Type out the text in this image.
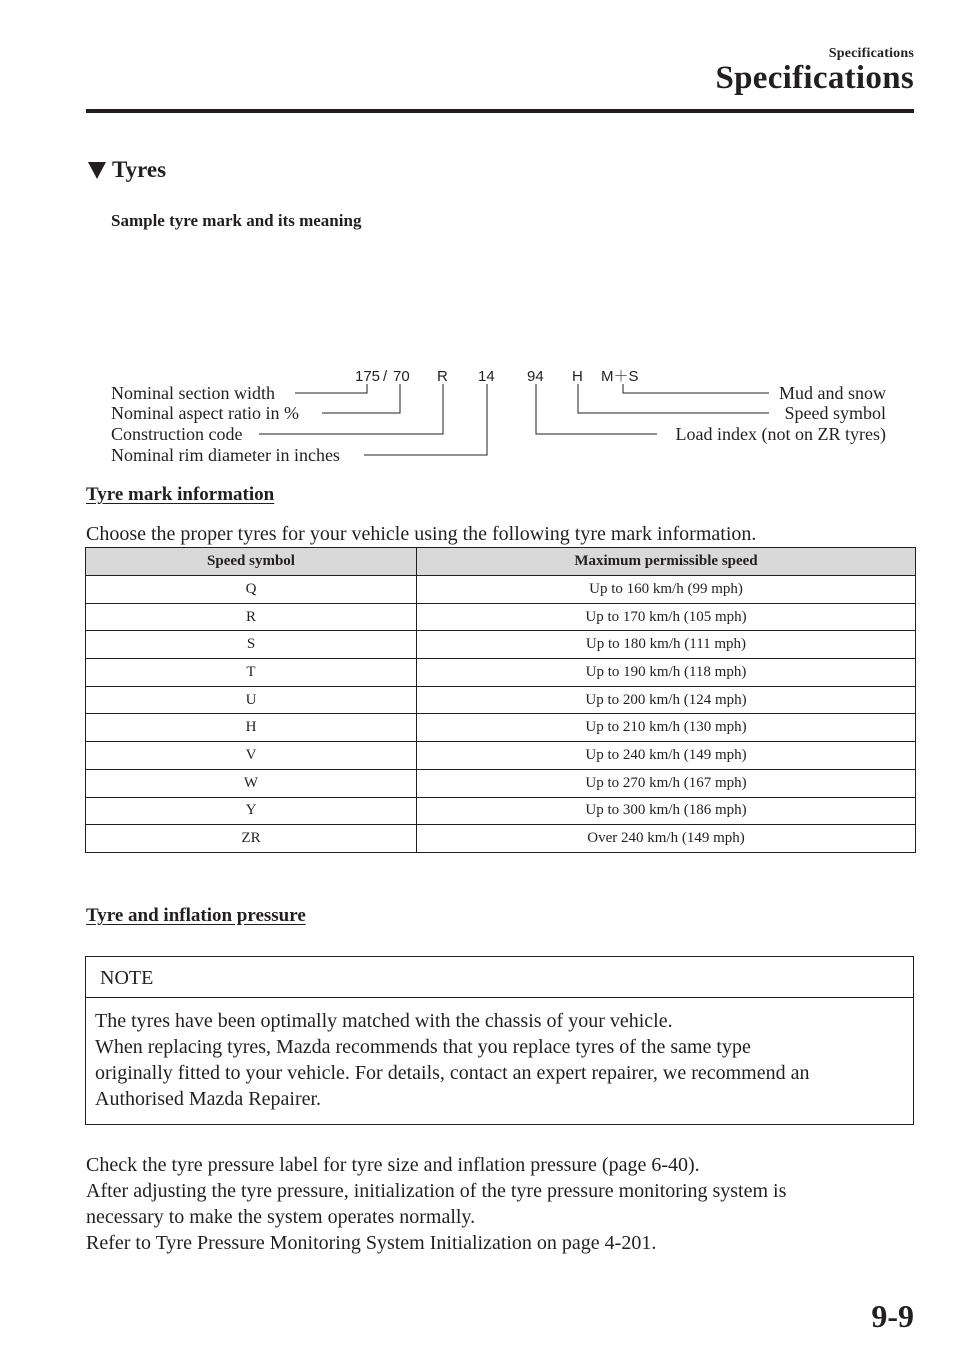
Specifications
Specifications
Tyres
Sample tyre mark and its meaning
175 / 70 R 14 94 H M＋S
Nominal section width
Nominal aspect ratio in %
Construction code
Nominal rim diameter in inches
Mud and snow
Speed symbol
Load index (not on ZR tyres)
Tyre mark information
Choose the proper tyres for your vehicle using the following tyre mark information.
Speed symbol	Maximum permissible speed
Q	Up to 160 km/h (99 mph)
R	Up to 170 km/h (105 mph)
S	Up to 180 km/h (111 mph)
T	Up to 190 km/h (118 mph)
U	Up to 200 km/h (124 mph)
H	Up to 210 km/h (130 mph)
V	Up to 240 km/h (149 mph)
W	Up to 270 km/h (167 mph)
Y	Up to 300 km/h (186 mph)
ZR	Over 240 km/h (149 mph)
Tyre and inflation pressure
NOTE
The tyres have been optimally matched with the chassis of your vehicle.
When replacing tyres, Mazda recommends that you replace tyres of the same type
originally fitted to your vehicle. For details, contact an expert repairer, we recommend an
Authorised Mazda Repairer.
Check the tyre pressure label for tyre size and inflation pressure (page 6-40).
After adjusting the tyre pressure, initialization of the tyre pressure monitoring system is
necessary to make the system operates normally.
Refer to Tyre Pressure Monitoring System Initialization on page 4-201.
9-9
